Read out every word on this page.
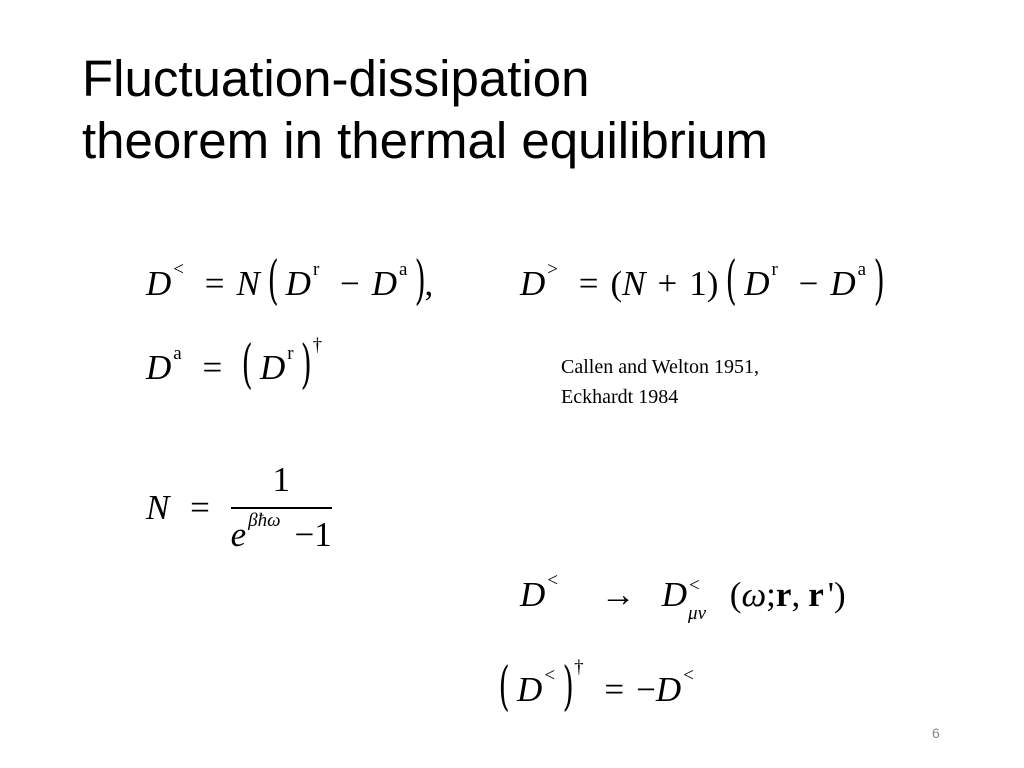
Fluctuation-dissipation
theorem in thermal equilibrium
D < = N ( D $^r$ − D $^a$ ), D > = (N + 1) ( D $^r$ − D $^a$ )
D $^a$ = ( D $^r$ )†
Callen and Welton 1951,
Eckhardt 1984
$N = \frac{1}{e ^{\beta ħ\omega} -1}$
D < → D <
μν (ω;r, r ')
( D < )† = −D <
6
